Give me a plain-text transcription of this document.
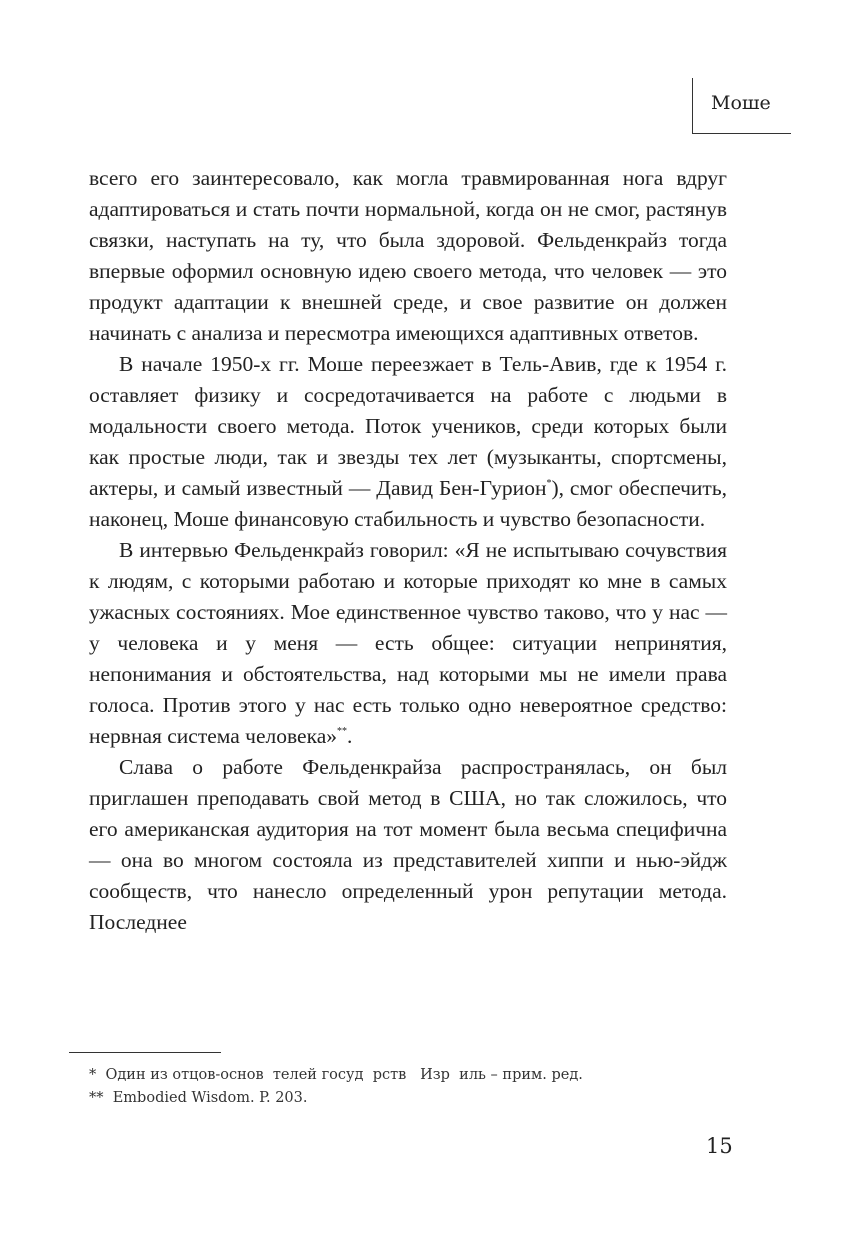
Моше

всего его заинтересовало, как могла травмированная нога вдруг адаптироваться и стать почти нормальной, когда он не смог, растянув связки, наступать на ту, что была здоровой. Фельденкрайз тогда впервые оформил основную идею своего метода, что человек — это продукт адаптации к внешней среде, и свое развитие он должен начинать с анализа и пересмотра имеющихся адаптивных ответов.

В начале 1950-х гг. Моше переезжает в Тель-Авив, где к 1954 г. оставляет физику и сосредотачивается на работе с людьми в модальности своего метода. Поток учеников, среди которых были как простые люди, так и звезды тех лет (музыканты, спортсмены, актеры, и самый известный — Давид Бен-Гурион*), смог обеспечить, наконец, Моше финансовую стабильность и чувство безопасности.

В интервью Фельденкрайз говорил: «Я не испытываю сочувствия к людям, с которыми работаю и которые приходят ко мне в самых ужасных состояниях. Мое единственное чувство таково, что у нас — у человека и у меня — есть общее: ситуации непринятия, непонимания и обстоятельства, над которыми мы не имели права голоса. Против этого у нас есть только одно невероятное средство: нервная система человека»**.

Слава о работе Фельденкрайза распространялась, он был приглашен преподавать свой метод в США, но так сложилось, что его американская аудитория на тот момент была весьма специфична — она во многом состояла из представителей хиппи и нью-эйдж сообществ, что нанесло определенный урон репутации метода. Последнее

*  Один из отцов-основ  телей госуд  рств   Изр  иль – прим. ред.
**  Embodied Wisdom. P. 203.
15
